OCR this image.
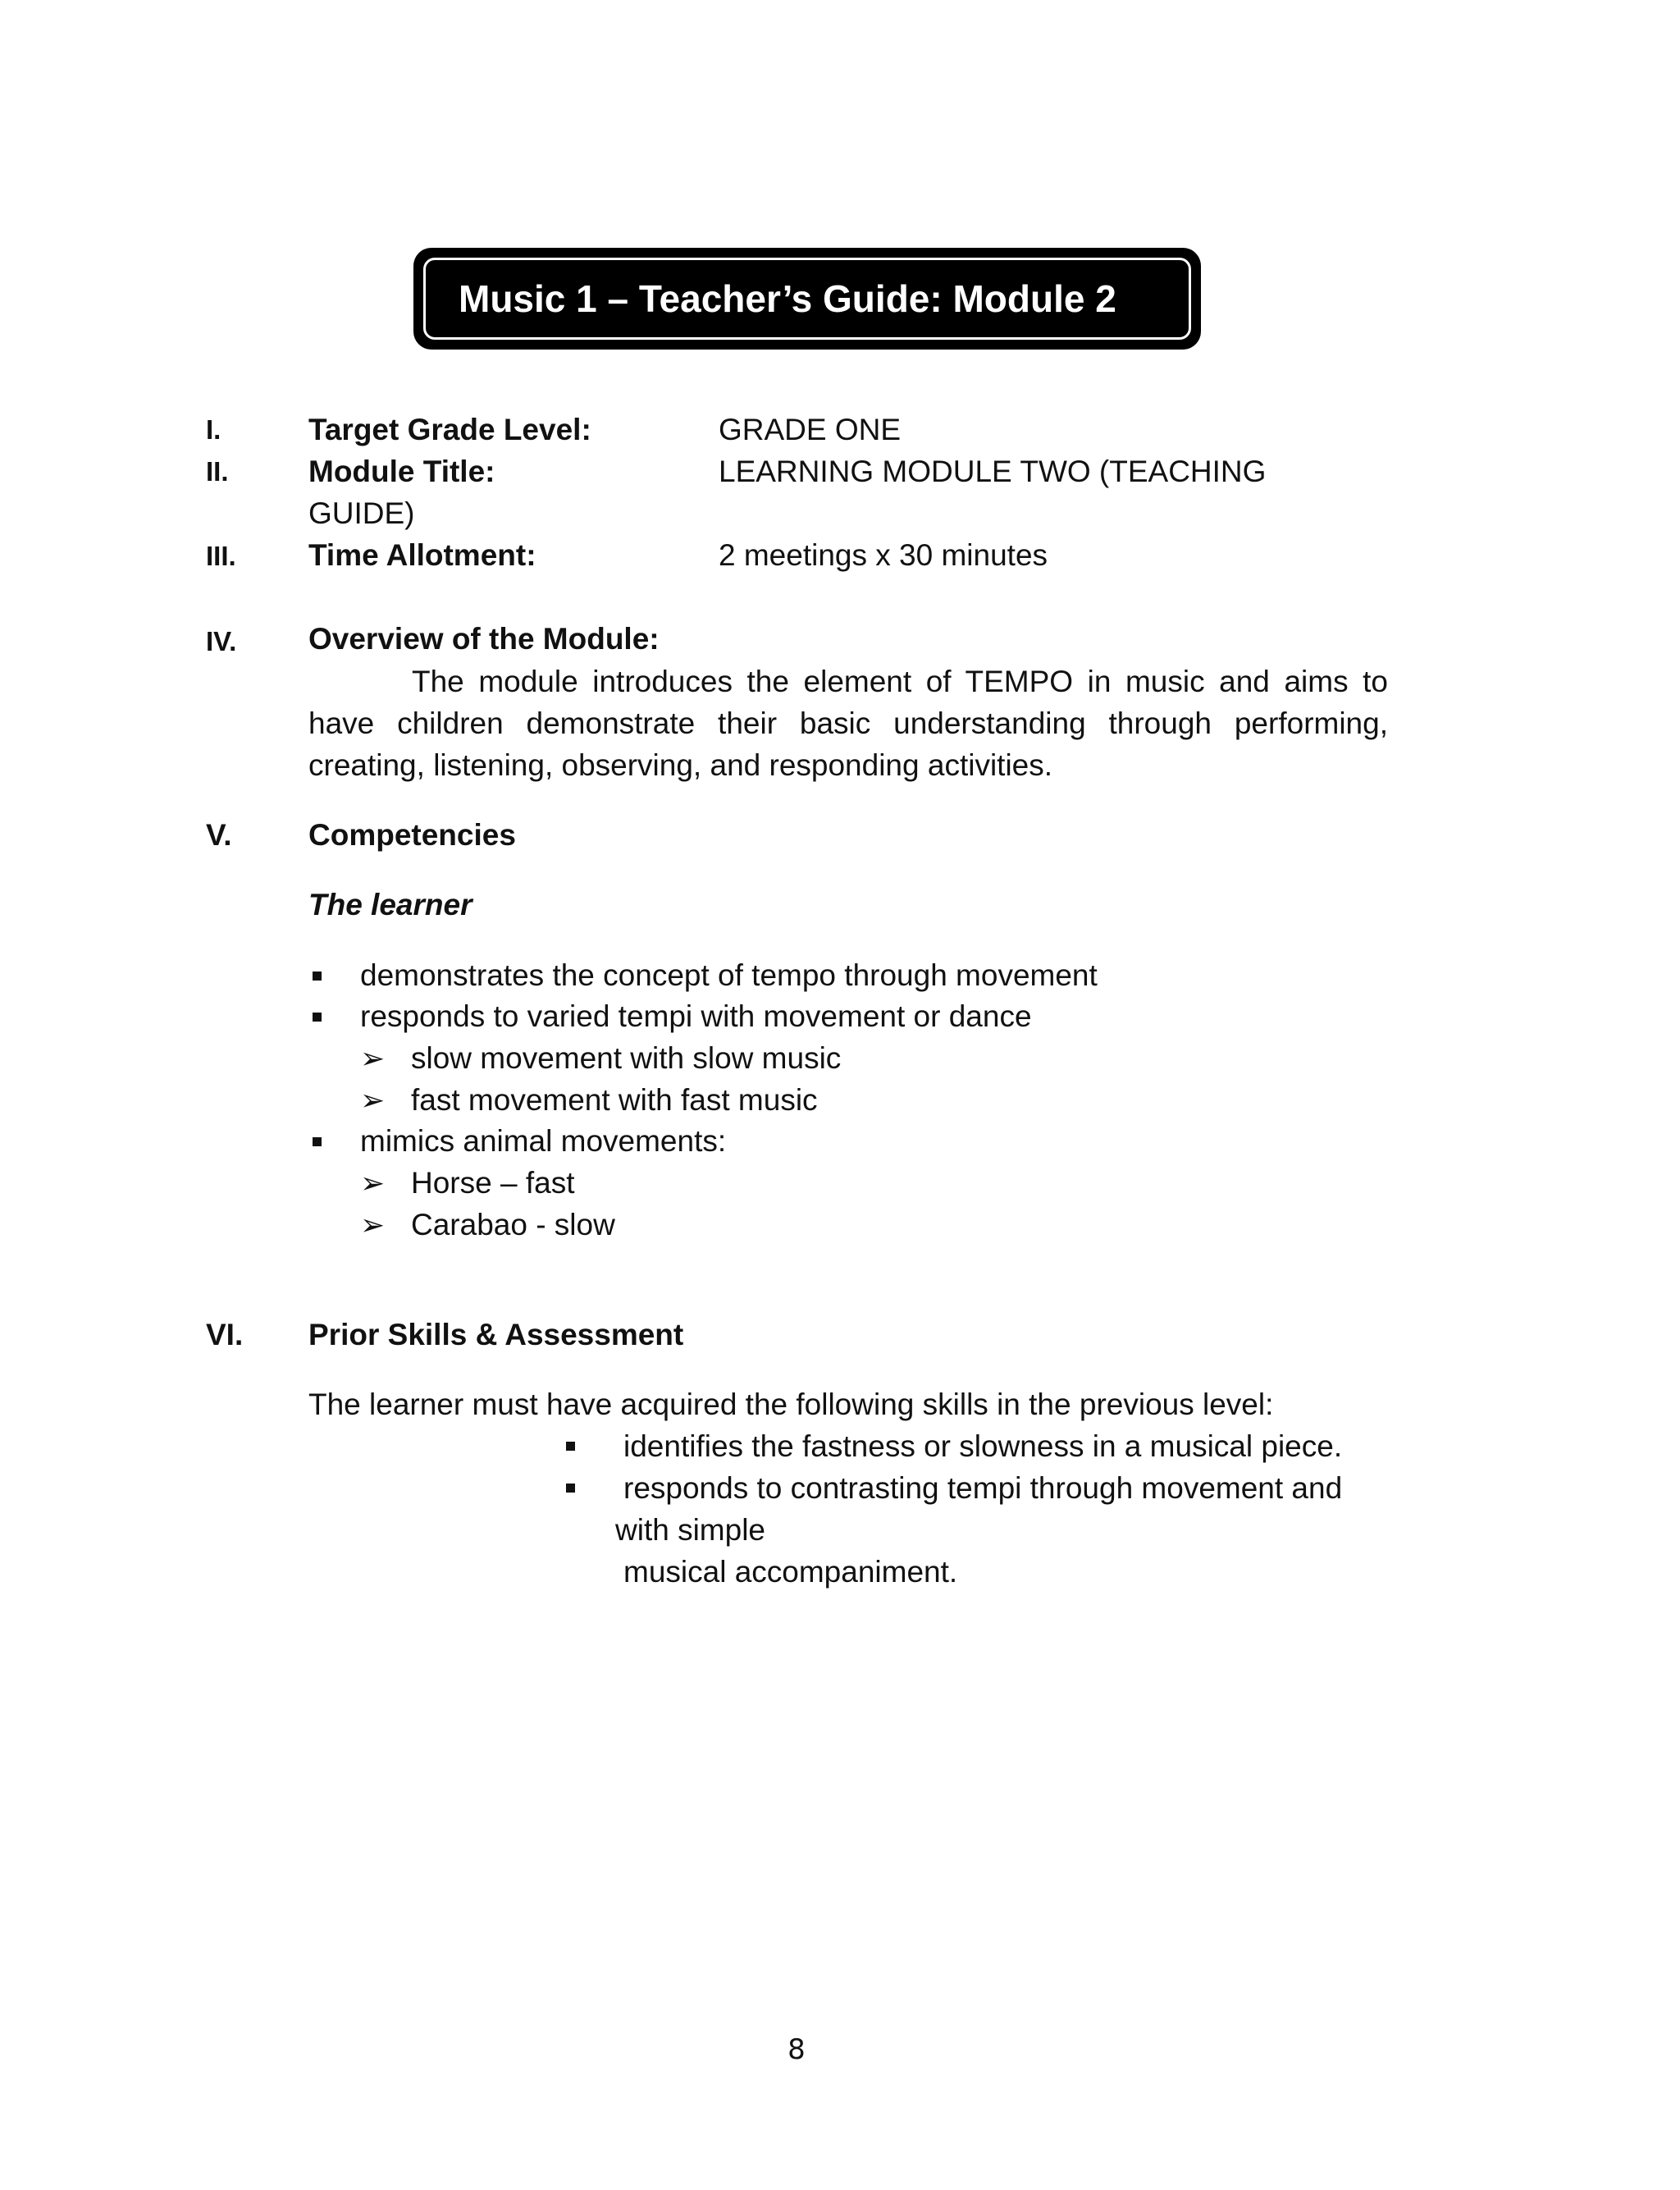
Music 1 – Teacher’s Guide: Module 2
I.	Target Grade Level:	GRADE ONE
II.	Module Title:	LEARNING MODULE TWO (TEACHING
GUIDE)
III. Time Allotment:	2 meetings x 30 minutes
IV. Overview of the Module:
The module introduces the element of TEMPO in music and aims to have children demonstrate their basic understanding through performing, creating, listening, observing, and responding activities.
V.	Competencies
The learner
demonstrates the concept of tempo through movement
responds to varied tempi with movement or dance
➢ slow movement with slow music
➢ fast movement with fast music
mimics animal movements:
➢ Horse – fast
➢ Carabao - slow
VI. Prior Skills & Assessment
The learner must have acquired the following skills in the previous level:
identifies the fastness or slowness in a musical piece.
responds to contrasting tempi through movement and
with simple
musical accompaniment.
8
